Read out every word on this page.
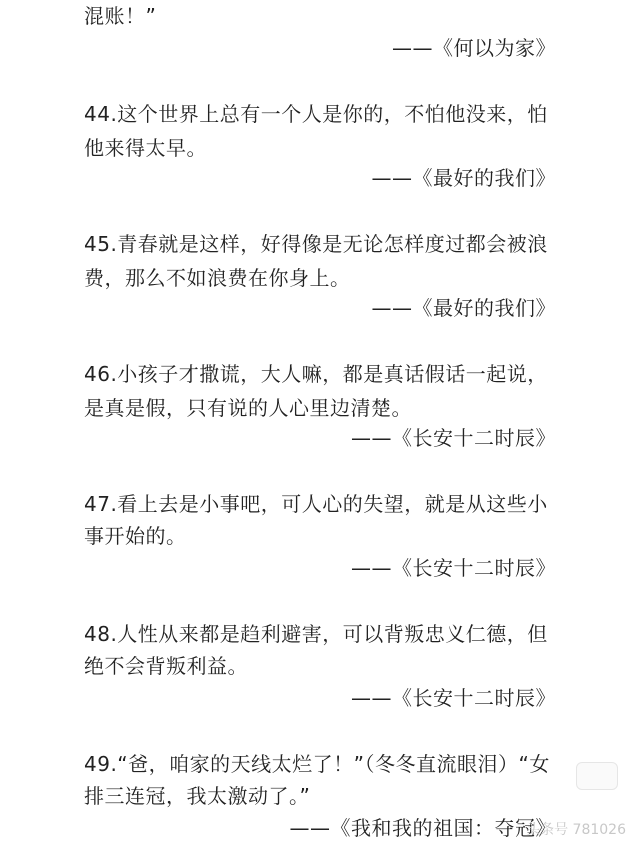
混账！”
——《何以为家》
44.这个世界上总有一个人是你的，不怕他没来，怕
他来得太早。
——《最好的我们》
45.青春就是这样，好得像是无论怎样度过都会被浪
费，那么不如浪费在你身上。
——《最好的我们》
46.小孩子才撒谎，大人嘛，都是真话假话一起说，
是真是假，只有说的人心里边清楚。
——《长安十二时辰》
47.看上去是小事吧，可人心的失望，就是从这些小
事开始的。
——《长安十二时辰》
48.人性从来都是趋利避害，可以背叛忠义仁德，但
绝不会背叛利益。
——《长安十二时辰》
49.“爸，咱家的天线太烂了！”（冬冬直流眼泪）“女
排三连冠，我太激动了。”
——《我和我的祖国：夺冠》
头条号 781026
